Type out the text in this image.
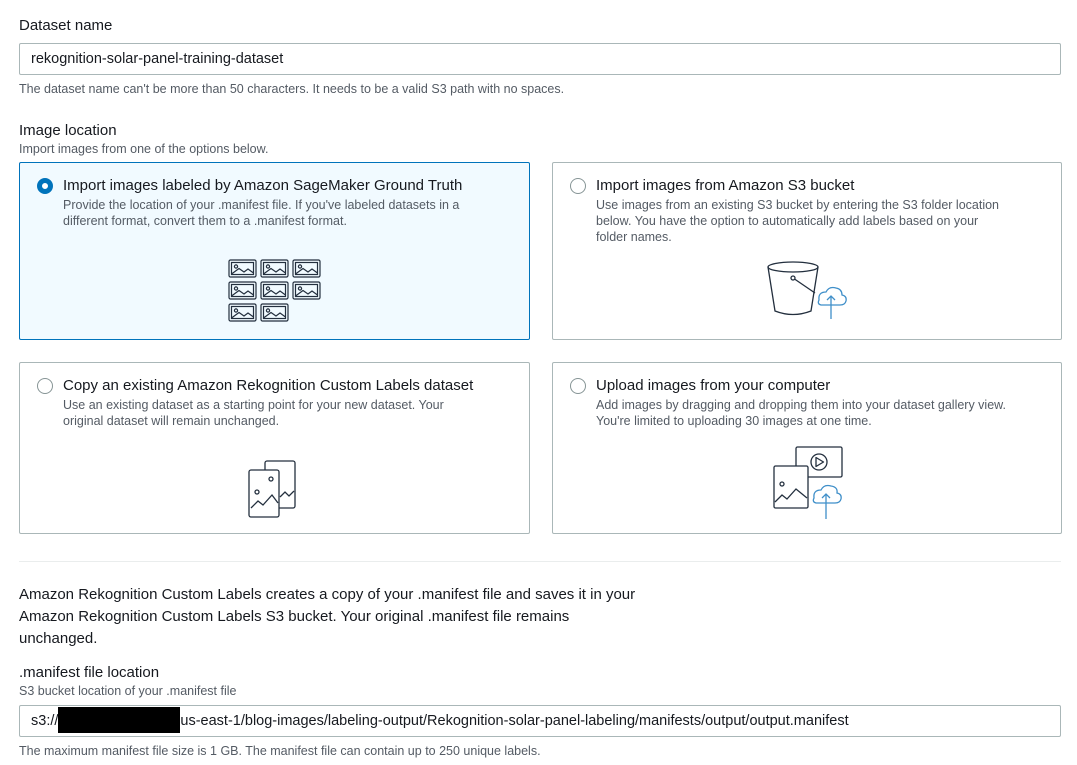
Dataset name
rekognition-solar-panel-training-dataset
The dataset name can't be more than 50 characters. It needs to be a valid S3 path with no spaces.
Image location
Import images from one of the options below.
Import images labeled by Amazon SageMaker Ground Truth
Provide the location of your .manifest file. If you've labeled datasets in a
different format, convert them to a .manifest format.
Import images from Amazon S3 bucket
Use images from an existing S3 bucket by entering the S3 folder location
below. You have the option to automatically add labels based on your
folder names.
Copy an existing Amazon Rekognition Custom Labels dataset
Use an existing dataset as a starting point for your new dataset. Your
original dataset will remain unchanged.
Upload images from your computer
Add images by dragging and dropping them into your dataset gallery view.
You're limited to uploading 30 images at one time.
Amazon Rekognition Custom Labels creates a copy of your .manifest file and saves it in your
Amazon Rekognition Custom Labels S3 bucket. Your original .manifest file remains
unchanged.
.manifest file location
S3 bucket location of your .manifest file
s3://	us-east-1/blog-images/labeling-output/Rekognition-solar-panel-labeling/manifests/output/output.manifest
The maximum manifest file size is 1 GB. The manifest file can contain up to 250 unique labels.
